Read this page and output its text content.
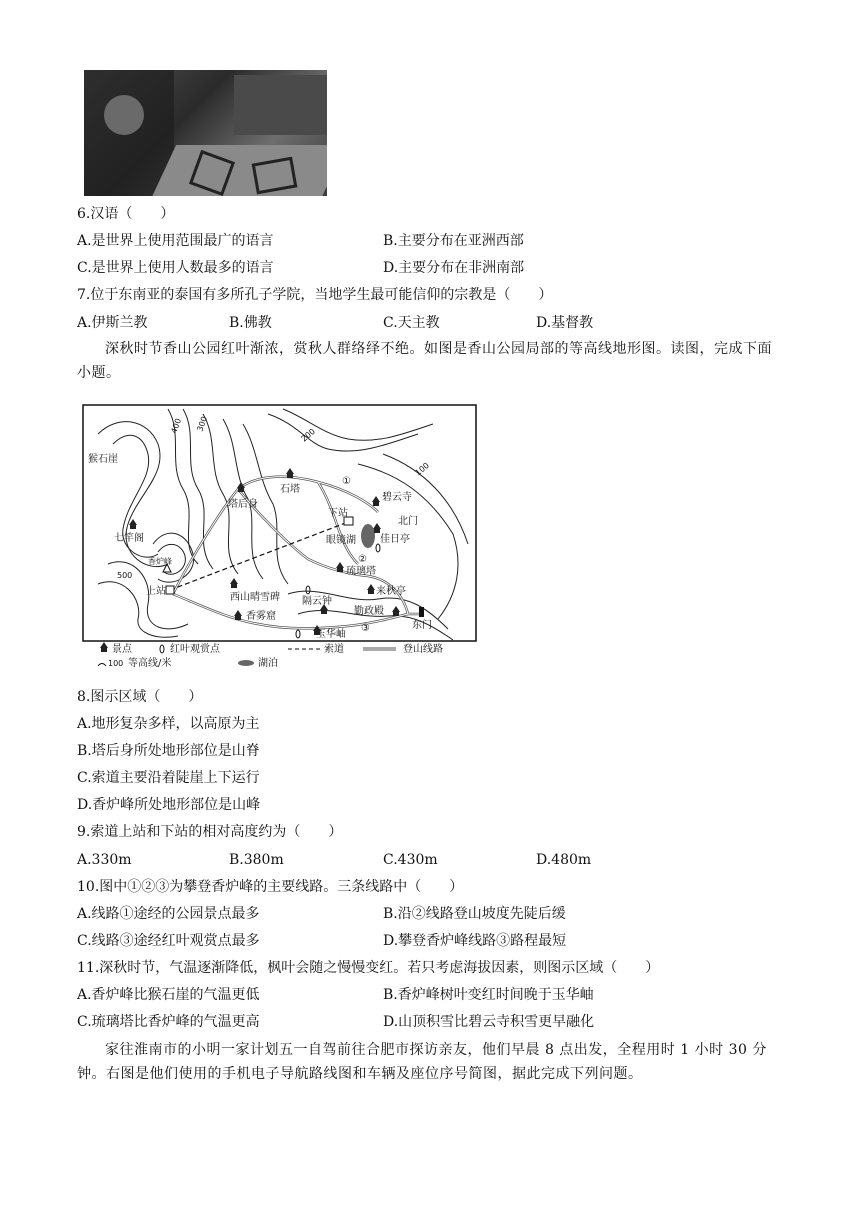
6.汉语（　　）
A.是世界上使用范围最广的语言	B.主要分布在亚洲西部
C.是世界上使用人数最多的语言	D.主要分布在非洲南部
7.位于东南亚的泰国有多所孔子学院，当地学生最可能信仰的宗教是（　　）
A.伊斯兰教	B.佛教	C.天主教	D.基督教
深秋时节香山公园红叶渐浓，赏秋人群络绎不绝。如图是香山公园局部的等高线地形图。读图，完成下面小题。
猴石崖
石塔
碧云寺
塔后身
下站
北门
七竿阁	眼镜湖 佳日亭
香炉峰
琉璃塔
上站
西山晴雪碑 隔云钟
来秋亭
香雾窟	勤政殿
玉华岫
东门
400 300
200
100
500
①
②
③
景点	红叶观赏点	索道	登山线路
100 等高线/米	湖泊
8.图示区域（　　）
A.地形复杂多样，以高原为主
B.塔后身所处地形部位是山脊
C.索道主要沿着陡崖上下运行
D.香炉峰所处地形部位是山峰
9.索道上站和下站的相对高度约为（　　）
A.330m	B.380m	C.430m	D.480m
10.图中①②③为攀登香炉峰的主要线路。三条线路中（　　）
A.线路①途经的公园景点最多	B.沿②线路登山坡度先陡后缓
C.线路③途经红叶观赏点最多	D.攀登香炉峰线路③路程最短
11.深秋时节，气温逐渐降低，枫叶会随之慢慢变红。若只考虑海拔因素，则图示区域（　　）
A.香炉峰比猴石崖的气温更低	B.香炉峰树叶变红时间晚于玉华岫
C.琉璃塔比香炉峰的气温更高	D.山顶积雪比碧云寺积雪更早融化
家往淮南市的小明一家计划五一自驾前往合肥市探访亲友，他们早晨 8 点出发，全程用时 1 小时 30 分钟。右图是他们使用的手机电子导航路线图和车辆及座位序号简图，据此完成下列问题。
